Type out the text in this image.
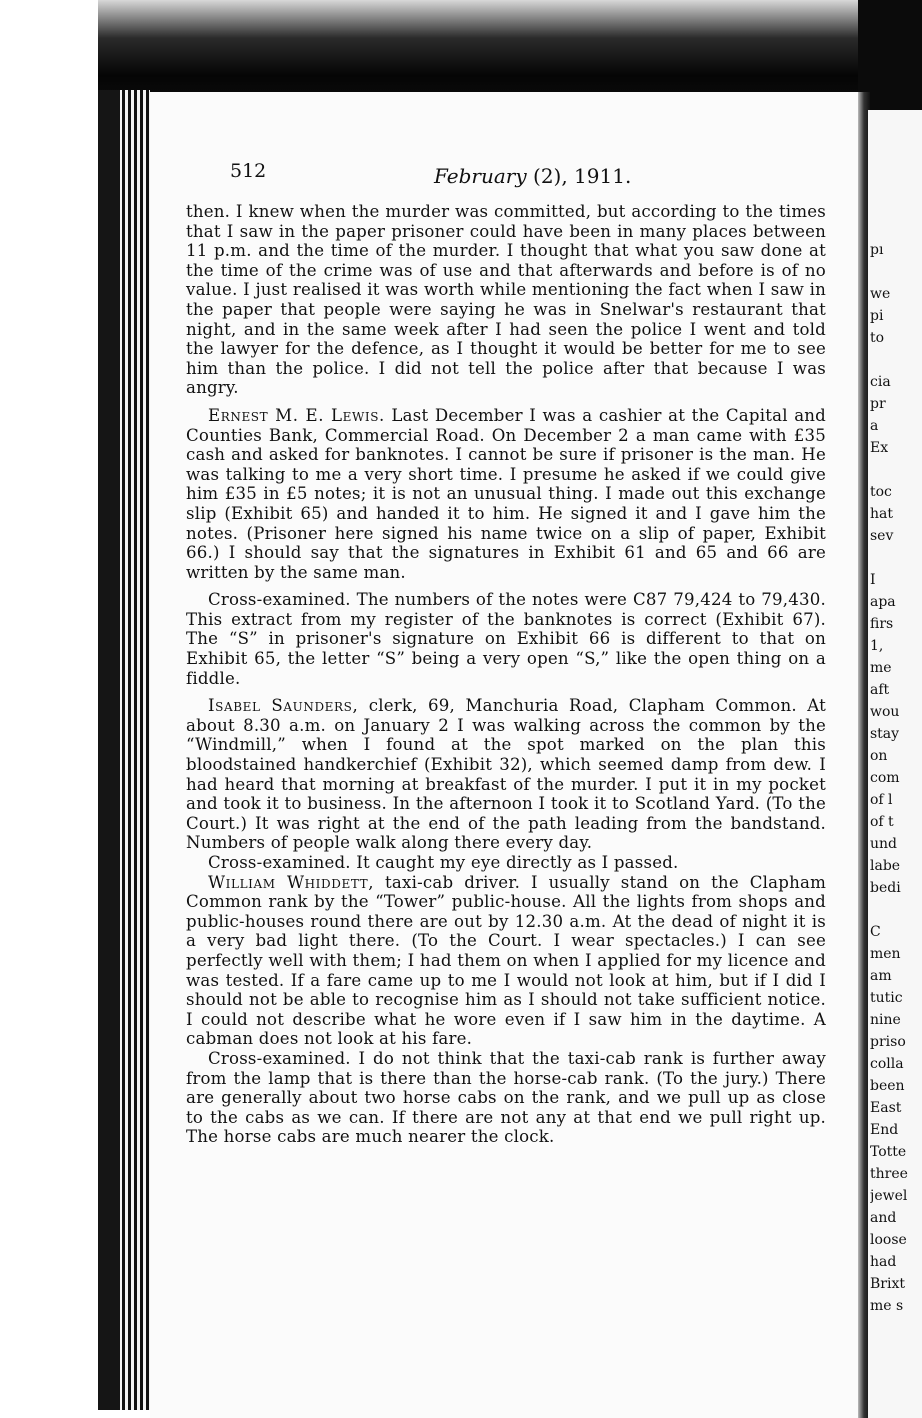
512	February (2), 1911.

then. I knew when the murder was committed, but according to the times that I saw in the paper prisoner could have been in many places between 11 p.m. and the time of the murder. I thought that what you saw done at the time of the crime was of use and that afterwards and before is of no value. I just realised it was worth while mentioning the fact when I saw in the paper that people were saying he was in Snelwar's restaurant that night, and in the same week after I had seen the police I went and told the lawyer for the defence, as I thought it would be better for me to see him than the police. I did not tell the police after that because I was angry.

Ernest M. E. Lewis. Last December I was a cashier at the Capital and Counties Bank, Commercial Road. On December 2 a man came with £35 cash and asked for banknotes. I cannot be sure if prisoner is the man. He was talking to me a very short time. I presume he asked if we could give him £35 in £5 notes; it is not an unusual thing. I made out this exchange slip (Exhibit 65) and handed it to him. He signed it and I gave him the notes. (Prisoner here signed his name twice on a slip of paper, Exhibit 66.) I should say that the signatures in Exhibit 61 and 65 and 66 are written by the same man.

Cross-examined. The numbers of the notes were C87 79,424 to 79,430. This extract from my register of the banknotes is correct (Exhibit 67). The “S” in prisoner's signature on Exhibit 66 is different to that on Exhibit 65, the letter “S” being a very open “S,” like the open thing on a fiddle.

Isabel Saunders, clerk, 69, Manchuria Road, Clapham Common. At about 8.30 a.m. on January 2 I was walking across the common by the “Windmill,” when I found at the spot marked on the plan this bloodstained handkerchief (Exhibit 32), which seemed damp from dew. I had heard that morning at breakfast of the murder. I put it in my pocket and took it to business. In the afternoon I took it to Scotland Yard. (To the Court.) It was right at the end of the path leading from the bandstand. Numbers of people walk along there every day.

Cross-examined. It caught my eye directly as I passed.

William Whiddett, taxi-cab driver. I usually stand on the Clapham Common rank by the “Tower” public-house. All the lights from shops and public-houses round there are out by 12.30 a.m. At the dead of night it is a very bad light there. (To the Court. I wear spectacles.) I can see perfectly well with them; I had them on when I applied for my licence and was tested. If a fare came up to me I would not look at him, but if I did I should not be able to recognise him as I should not take sufficient notice. I could not describe what he wore even if I saw him in the daytime. A cabman does not look at his fare.

Cross-examined. I do not think that the taxi-cab rank is further away from the lamp that is there than the horse-cab rank. (To the jury.) There are generally about two horse cabs on the rank, and we pull up as close to the cabs as we can. If there are not any at that end we pull right up. The horse cabs are much nearer the clock.

pı
we
pi
to
cia
pr
a
Ex
toc
hat
sev
I
apa
firs
1,
me
aft
wou
stay
on
com
of l
of t
und
labe
bedi
C
men
am
tutic
nine
priso
colla
been
East
End
Totte
three
jewel
and
loose
had
Brixt
me s
